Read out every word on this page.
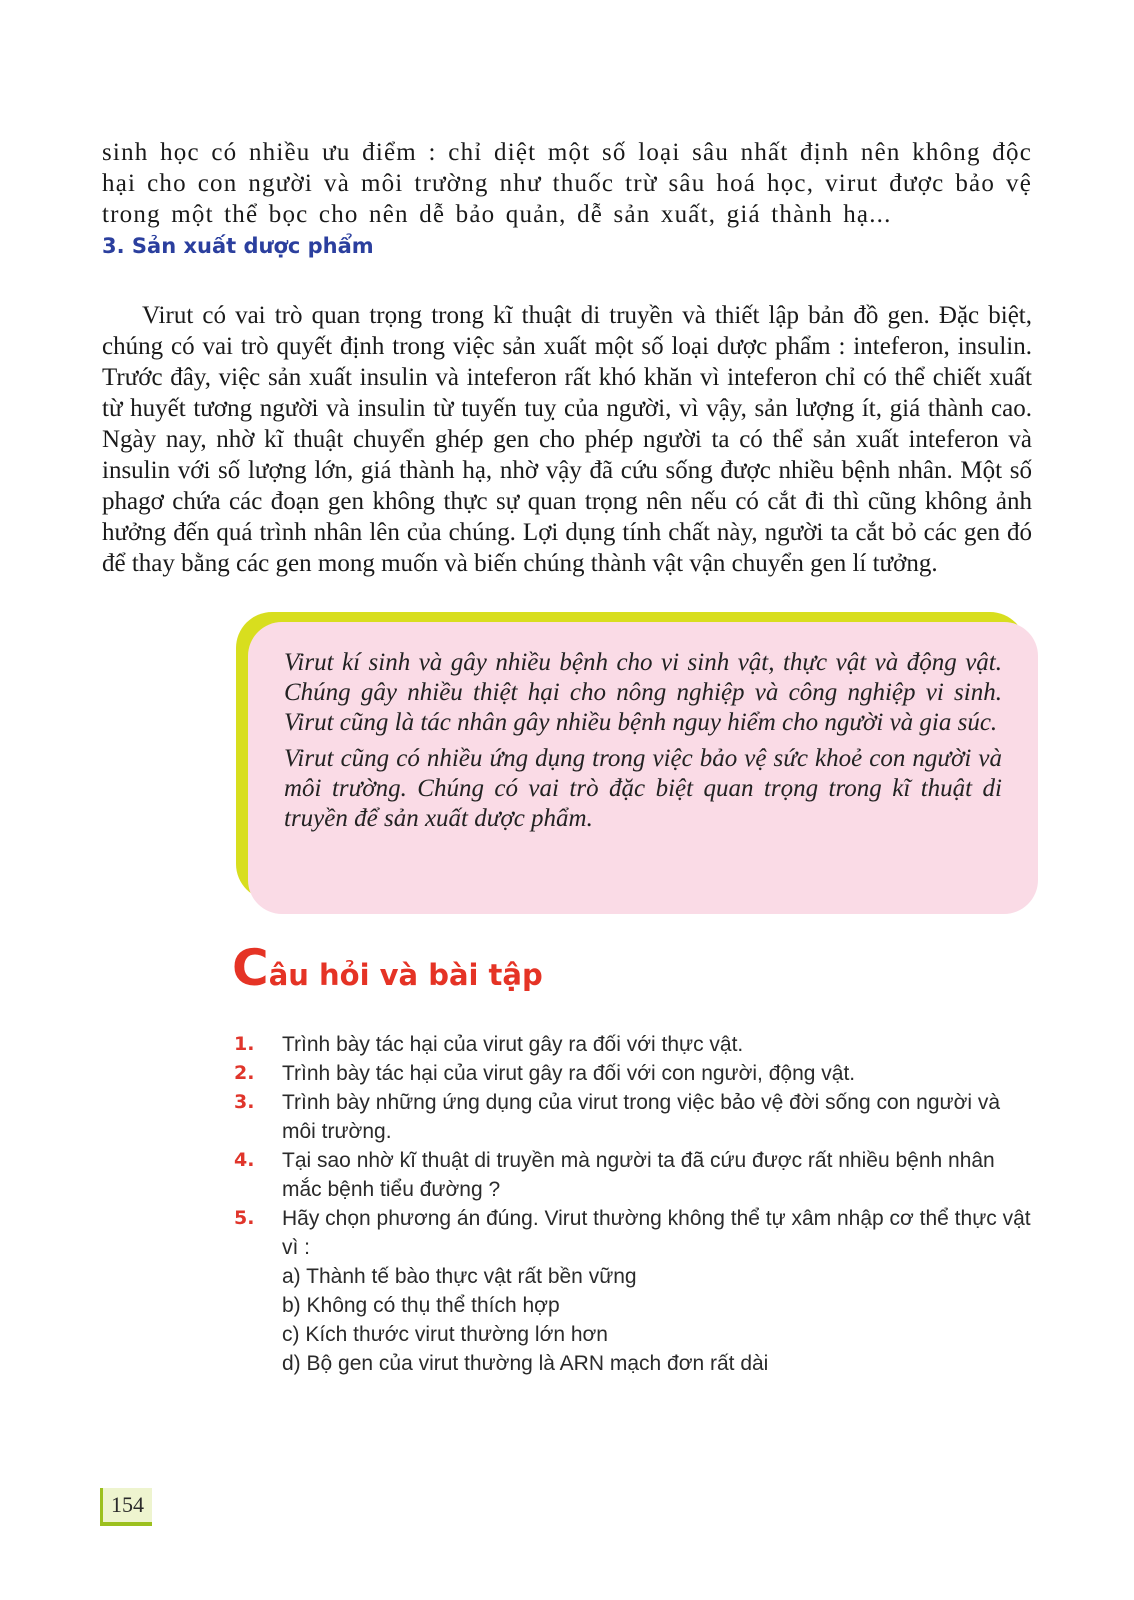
sinh học có nhiều ưu điểm : chỉ diệt một số loại sâu nhất định nên không độc hại cho con người và môi trường như thuốc trừ sâu hoá học, virut được bảo vệ trong một thể bọc cho nên dễ bảo quản, dễ sản xuất, giá thành hạ...

3. Sản xuất dược phẩm

Virut có vai trò quan trọng trong kĩ thuật di truyền và thiết lập bản đồ gen. Đặc biệt, chúng có vai trò quyết định trong việc sản xuất một số loại dược phẩm : inteferon, insulin. Trước đây, việc sản xuất insulin và inteferon rất khó khăn vì inteferon chỉ có thể chiết xuất từ huyết tương người và insulin từ tuyến tuỵ của người, vì vậy, sản lượng ít, giá thành cao. Ngày nay, nhờ kĩ thuật chuyển ghép gen cho phép người ta có thể sản xuất inteferon và insulin với số lượng lớn, giá thành hạ, nhờ vậy đã cứu sống được nhiều bệnh nhân. Một số phagơ chứa các đoạn gen không thực sự quan trọng nên nếu có cắt đi thì cũng không ảnh hưởng đến quá trình nhân lên của chúng. Lợi dụng tính chất này, người ta cắt bỏ các gen đó để thay bằng các gen mong muốn và biến chúng thành vật vận chuyển gen lí tưởng.

Virut kí sinh và gây nhiều bệnh cho vi sinh vật, thực vật và động vật. Chúng gây nhiều thiệt hại cho nông nghiệp và công nghiệp vi sinh. Virut cũng là tác nhân gây nhiều bệnh nguy hiểm cho người và gia súc.

Virut cũng có nhiều ứng dụng trong việc bảo vệ sức khoẻ con người và môi trường. Chúng có vai trò đặc biệt quan trọng trong kĩ thuật di truyền để sản xuất dược phẩm.

C âu hỏi và bài tập
1.	Trình bày tác hại của virut gây ra đối với thực vật.
2.	Trình bày tác hại của virut gây ra đối với con người, động vật.
3.	Trình bày những ứng dụng của virut trong việc bảo vệ đời sống con người và môi trường.
4.	Tại sao nhờ kĩ thuật di truyền mà người ta đã cứu được rất nhiều bệnh nhân mắc bệnh tiểu đường ?
5.	Hãy chọn phương án đúng. Virut thường không thể tự xâm nhập cơ thể thực vật vì :
a) Thành tế bào thực vật rất bền vững
b) Không có thụ thể thích hợp
c) Kích thước virut thường lớn hơn
d) Bộ gen của virut thường là ARN mạch đơn rất dài
154
